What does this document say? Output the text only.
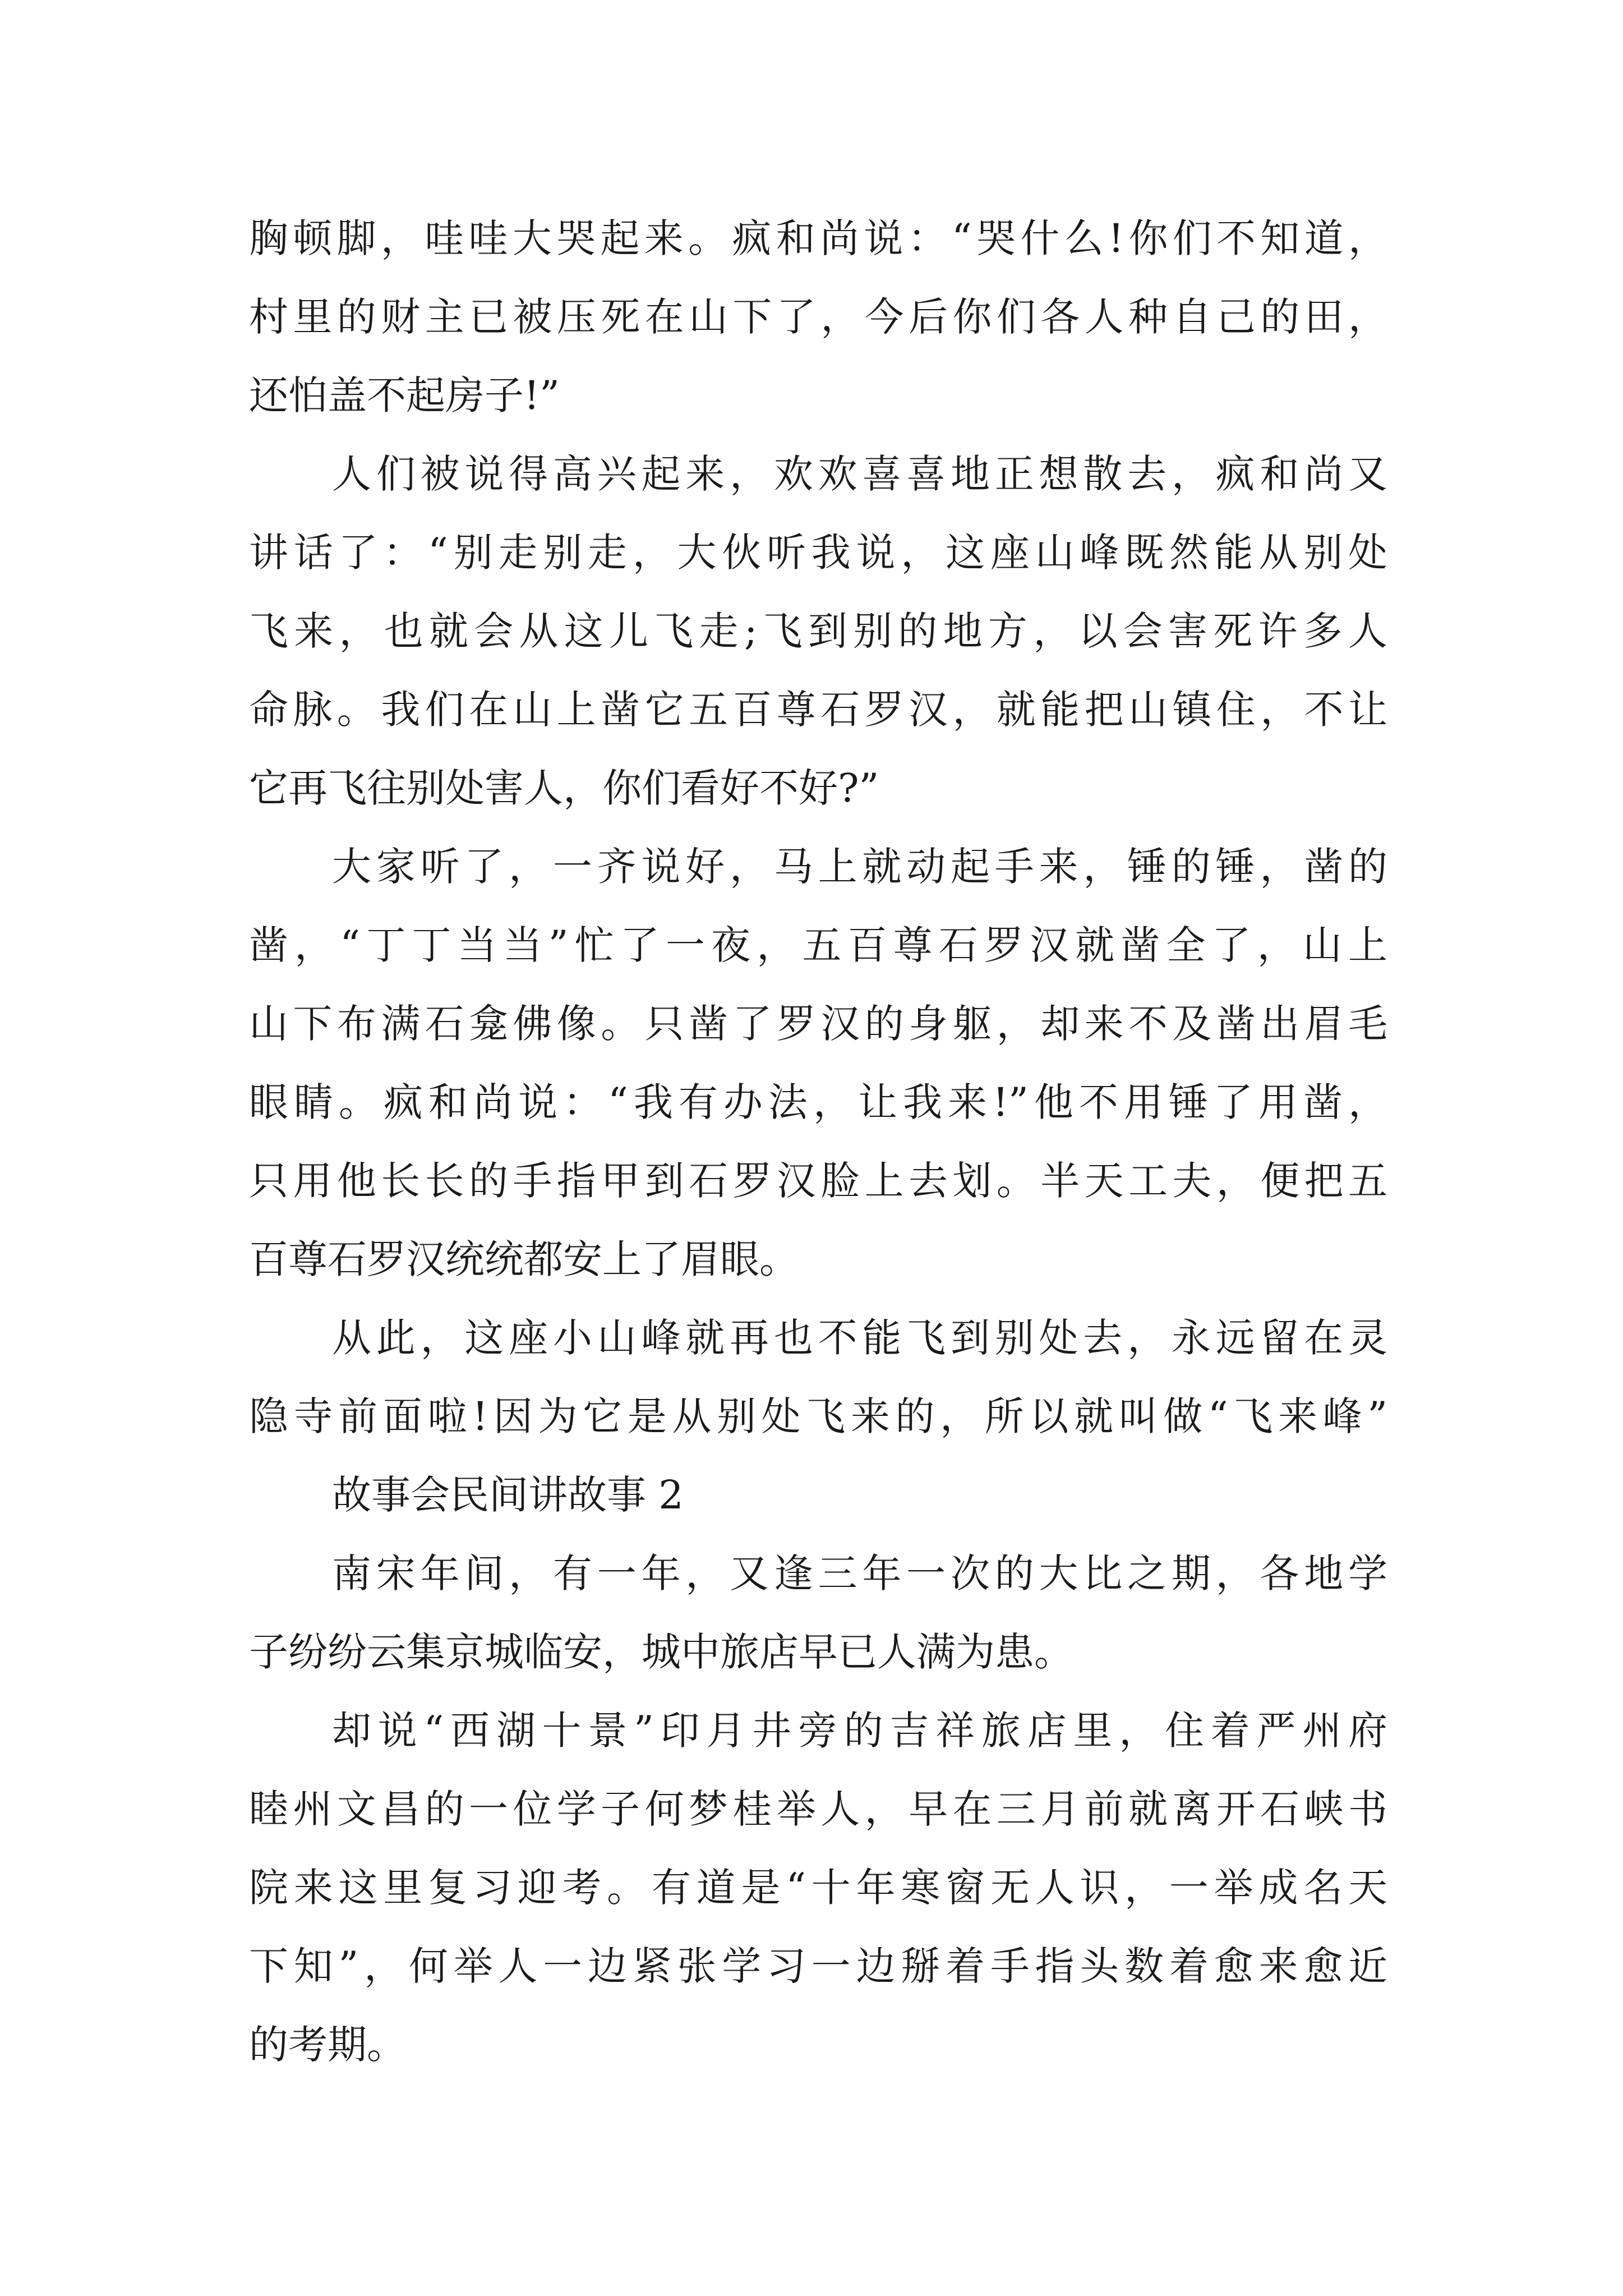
胸顿脚，哇哇大哭起来。疯和尚说：“哭什么!你们不知道，
村里的财主已被压死在山下了，今后你们各人种自己的田，
还怕盖不起房子!”
人们被说得高兴起来，欢欢喜喜地正想散去，疯和尚又
讲话了：“别走别走，大伙听我说，这座山峰既然能从别处
飞来，也就会从这儿飞走;飞到别的地方，以会害死许多人
命脉。我们在山上凿它五百尊石罗汉，就能把山镇住，不让
它再飞往别处害人，你们看好不好?”
大家听了，一齐说好，马上就动起手来，锤的锤，凿的
凿，“丁丁当当”忙了一夜，五百尊石罗汉就凿全了，山上
山下布满石龛佛像。只凿了罗汉的身躯，却来不及凿出眉毛
眼睛。疯和尚说：“我有办法，让我来!”他不用锤了用凿，
只用他长长的手指甲到石罗汉脸上去划。半天工夫，便把五
百尊石罗汉统统都安上了眉眼。
从此，这座小山峰就再也不能飞到别处去，永远留在灵
隐寺前面啦!因为它是从别处飞来的，所以就叫做“飞来峰”
故事会民间讲故事 2
南宋年间，有一年，又逢三年一次的大比之期，各地学
子纷纷云集京城临安，城中旅店早已人满为患。
却说“西湖十景”印月井旁的吉祥旅店里，住着严州府
睦州文昌的一位学子何梦桂举人，早在三月前就离开石峡书
院来这里复习迎考。有道是“十年寒窗无人识，一举成名天
下知”，何举人一边紧张学习一边掰着手指头数着愈来愈近
的考期。
